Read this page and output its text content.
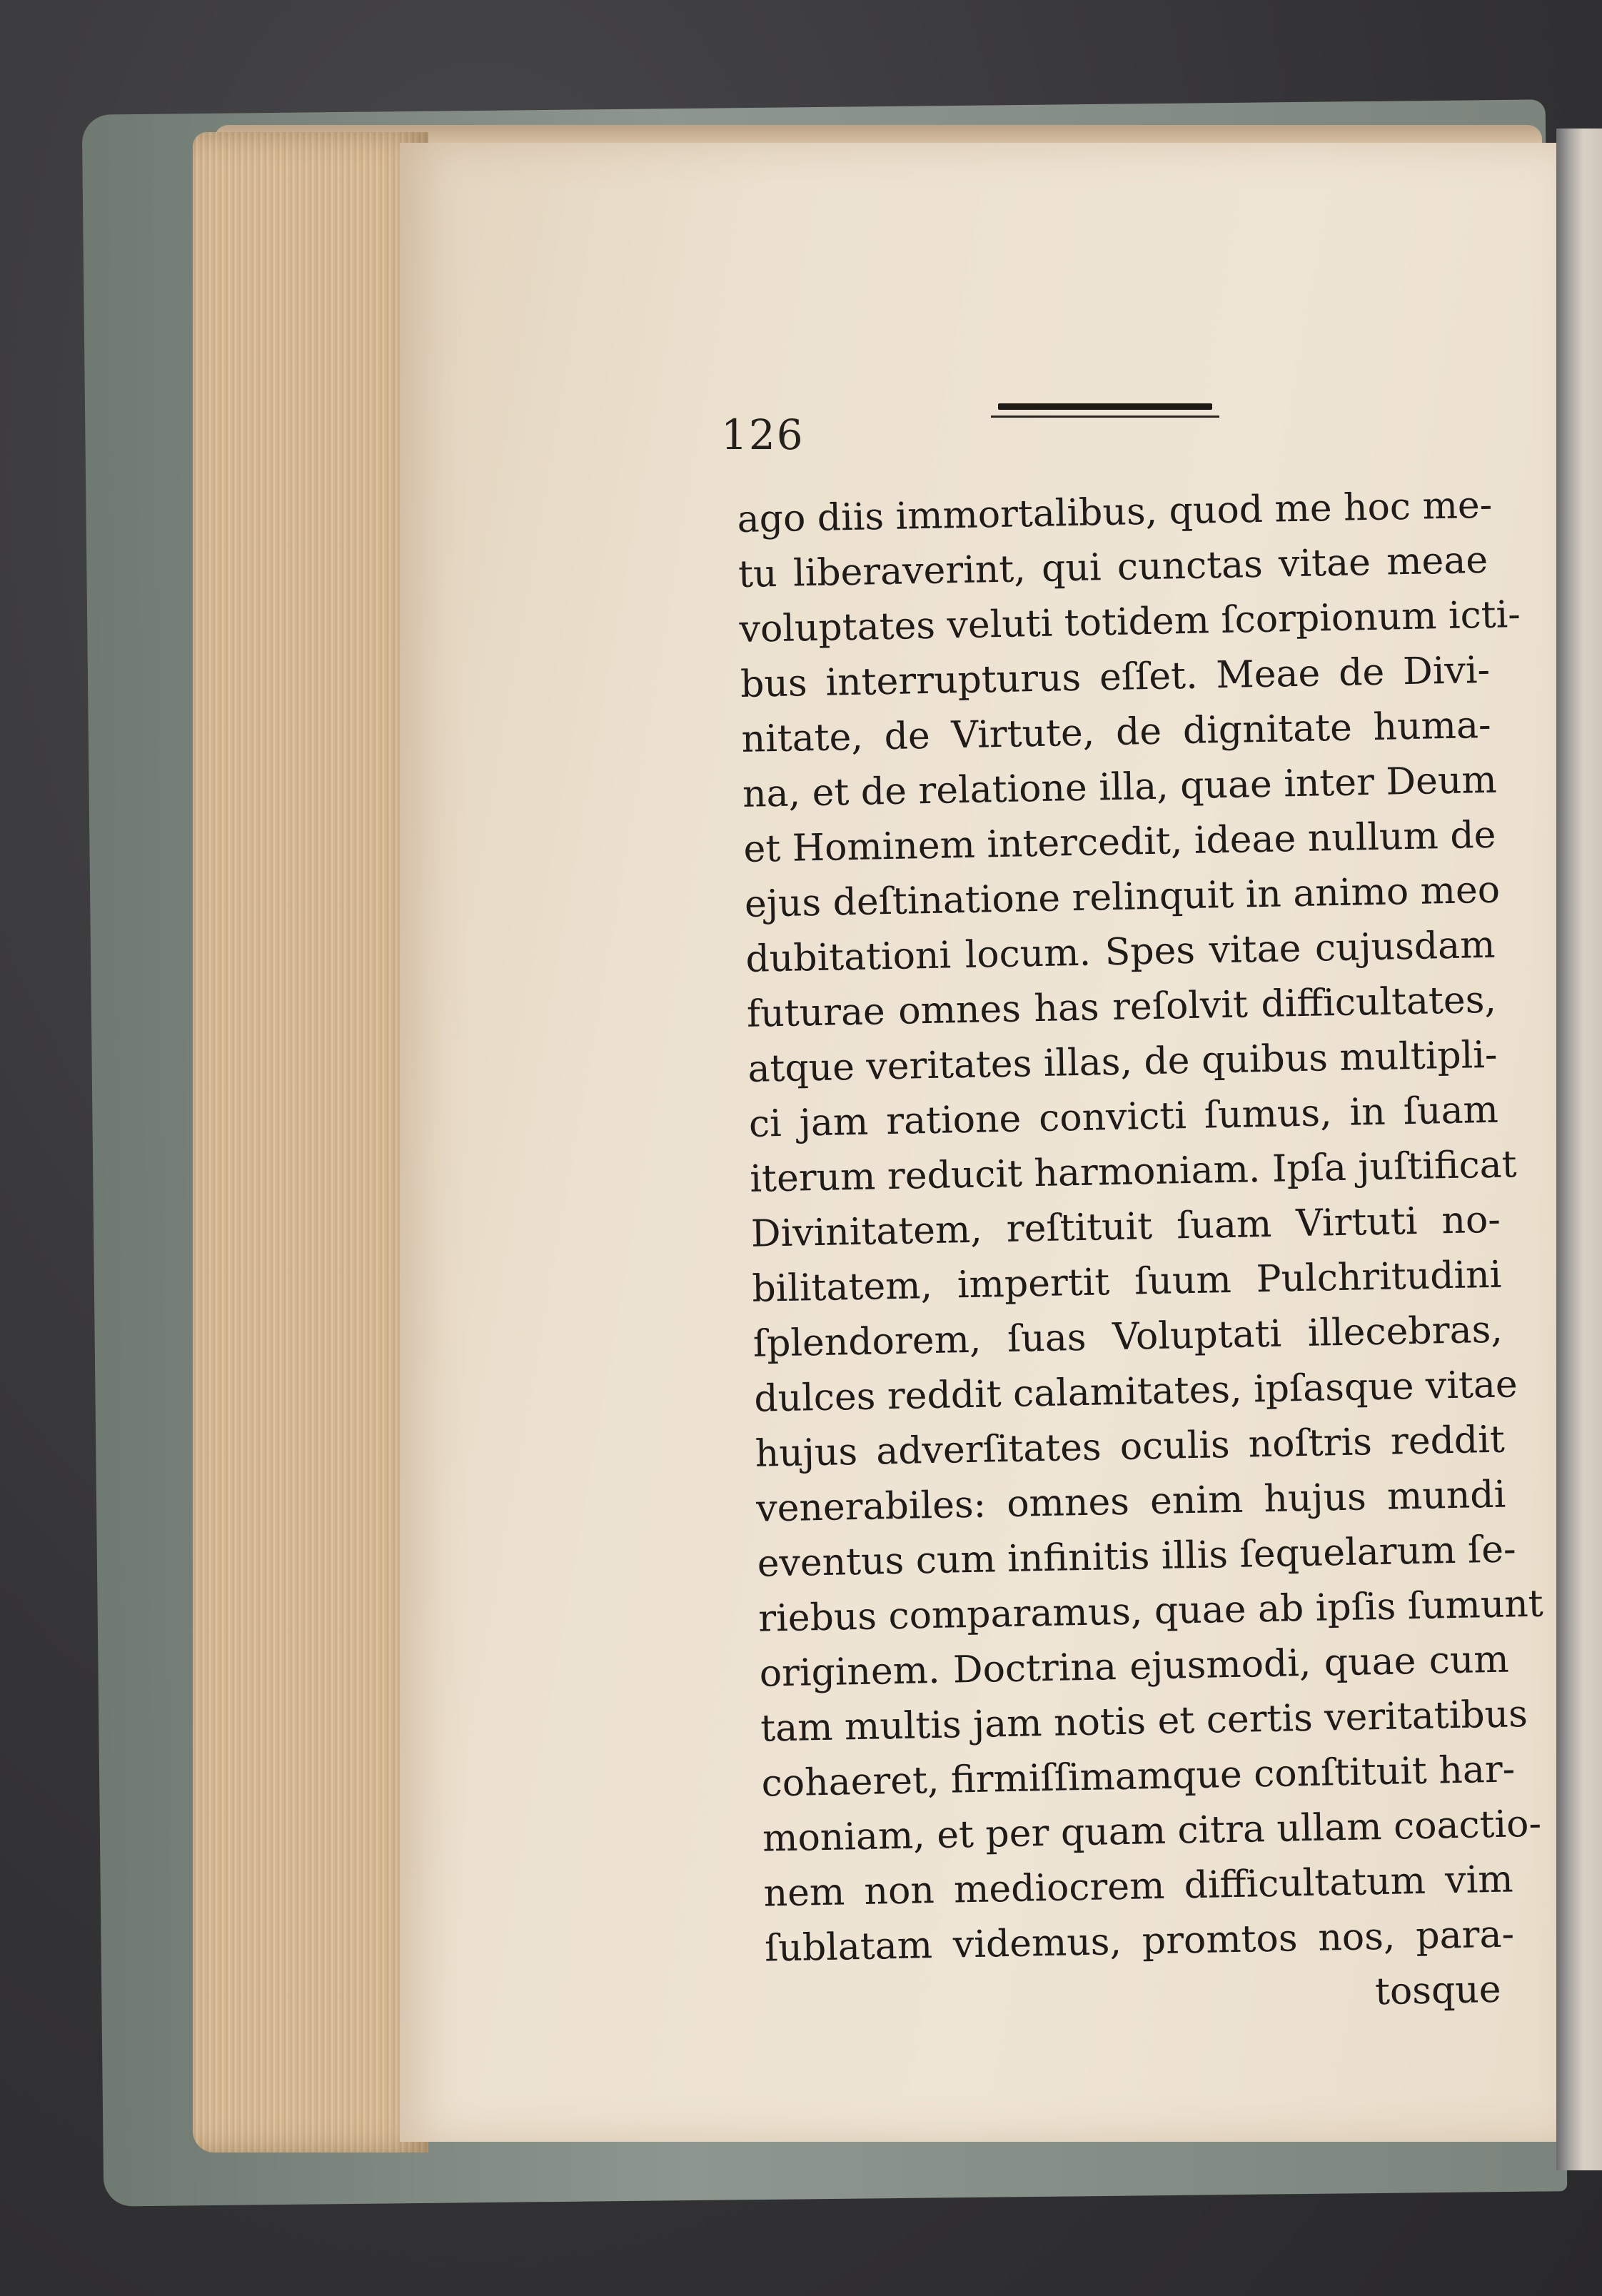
126
ago diis immortalibus, quod me hoc me-
tu liberaverint, qui cunctas vitae meae
voluptates veluti totidem ſcorpionum icti-
bus interrupturus eſſet. Meae de Divi-
nitate, de Virtute, de dignitate huma-
na, et de relatione illa, quae inter Deum
et Hominem intercedit, ideae nullum de
ejus deſtinatione relinquit in animo meo
dubitationi locum. Spes vitae cujusdam
futurae omnes has reſolvit difficultates,
atque veritates illas, de quibus multipli-
ci jam ratione convicti ſumus, in ſuam
iterum reducit harmoniam. Ipſa juſtificat
Divinitatem, reſtituit ſuam Virtuti no-
bilitatem, impertit ſuum Pulchritudini
ſplendorem, ſuas Voluptati illecebras,
dulces reddit calamitates, ipſasque vitae
hujus adverſitates oculis noſtris reddit
venerabiles: omnes enim hujus mundi
eventus cum infinitis illis ſequelarum ſe-
riebus comparamus, quae ab ipſis ſumunt
originem. Doctrina ejusmodi, quae cum
tam multis jam notis et certis veritatibus
cohaeret, firmiſſimamque conſtituit har-
moniam, et per quam citra ullam coactio-
nem non mediocrem difficultatum vim
ſublatam videmus, promtos nos, para-
tosque
